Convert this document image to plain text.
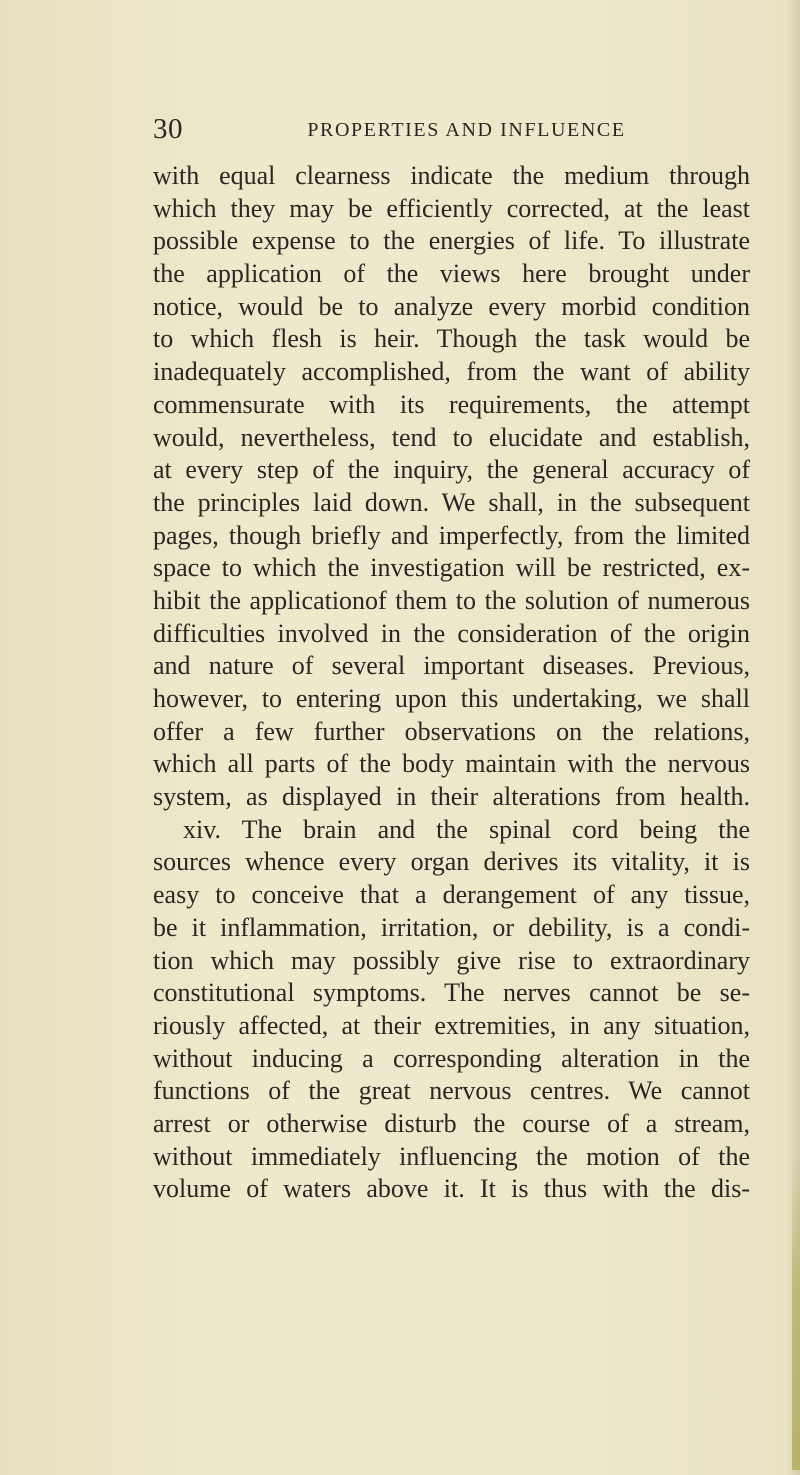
30	PROPERTIES AND INFLUENCE
with equal clearness indicate the medium through
which they may be efficiently corrected, at the least
possible expense to the energies of life. To illustrate
the application of the views here brought under
notice, would be to analyze every morbid condition
to which flesh is heir. Though the task would be
inadequately accomplished, from the want of ability
commensurate with its requirements, the attempt
would, nevertheless, tend to elucidate and establish,
at every step of the inquiry, the general accuracy of
the principles laid down. We shall, in the subsequent
pages, though briefly and imperfectly, from the limited
space to which the investigation will be restricted, ex-
hibit the applicationof them to the solution of numerous
difficulties involved in the consideration of the origin
and nature of several important diseases. Previous,
however, to entering upon this undertaking, we shall
offer a few further observations on the relations,
which all parts of the body maintain with the nervous
system, as displayed in their alterations from health.
xiv. The brain and the spinal cord being the
sources whence every organ derives its vitality, it is
easy to conceive that a derangement of any tissue,
be it inflammation, irritation, or debility, is a condi-
tion which may possibly give rise to extraordinary
constitutional symptoms. The nerves cannot be se-
riously affected, at their extremities, in any situation,
without inducing a corresponding alteration in the
functions of the great nervous centres. We cannot
arrest or otherwise disturb the course of a stream,
without immediately influencing the motion of the
volume of waters above it. It is thus with the dis-
